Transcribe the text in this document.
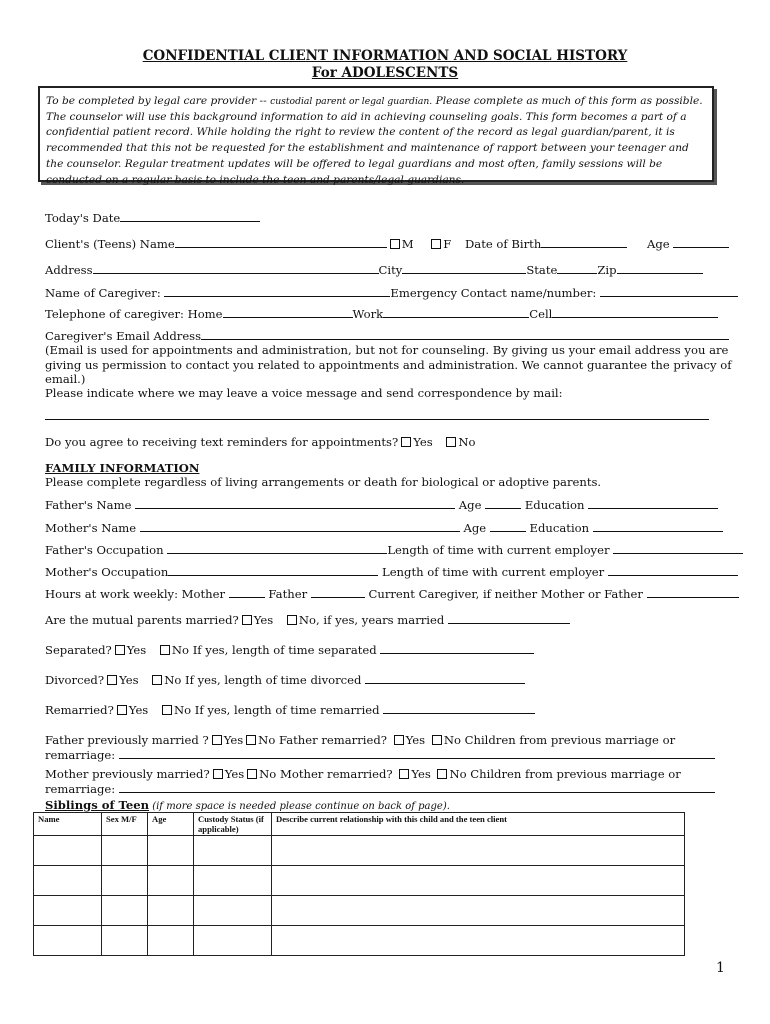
CONFIDENTIAL CLIENT INFORMATION AND SOCIAL HISTORY
For ADOLESCENTS
To be completed by legal care provider -- custodial parent or legal guardian. Please complete as much of this form as possible. The counselor will use this background information to aid in achieving counseling goals. This form becomes a part of a confidential patient record. While holding the right to review the content of the record as legal guardian/parent, it is recommended that this not be requested for the establishment and maintenance of rapport between your teenager and the counselor. Regular treatment updates will be offered to legal guardians and most often, family sessions will be conducted on a regular basis to include the teen and parents/legal guardians.
Today's Date
Client's (Teens) Name	M	F Date of Birth	Age
Address	City	State	Zip
Name of Caregiver:	Emergency Contact name/number:
Telephone of caregiver: Home	Work	Cell
Caregiver's Email Address
(Email is used for appointments and administration, but not for counseling. By giving us your email address you are giving us permission to contact you related to appointments and administration. We cannot guarantee the privacy of email.)
Please indicate where we may leave a voice message and send correspondence by mail:
Do you agree to receiving text reminders for appointments? Yes No
FAMILY INFORMATION
Please complete regardless of living arrangements or death for biological or adoptive parents.
Father's Name	Age	Education
Mother's Name	Age	Education
Father's Occupation	Length of time with current employer
Mother's Occupation	Length of time with current employer
Hours at work weekly: Mother	Father	Current Caregiver, if neither Mother or Father
Are the mutual parents married? Yes No, if yes, years married
Separated? Yes No If yes, length of time separated
Divorced? Yes No If yes, length of time divorced
Remarried? Yes No If yes, length of time remarried
Father previously married ? Yes No Father remarried? Yes No Children from previous marriage or
remarriage:
Mother previously married? Yes No Mother remarried? Yes No Children from previous marriage or
remarriage:
Siblings of Teen (if more space is needed please continue on back of page).
Name	Sex M/F	Age	Custody Status (if applicable)	Describe current relationship with this child and the teen client

1
